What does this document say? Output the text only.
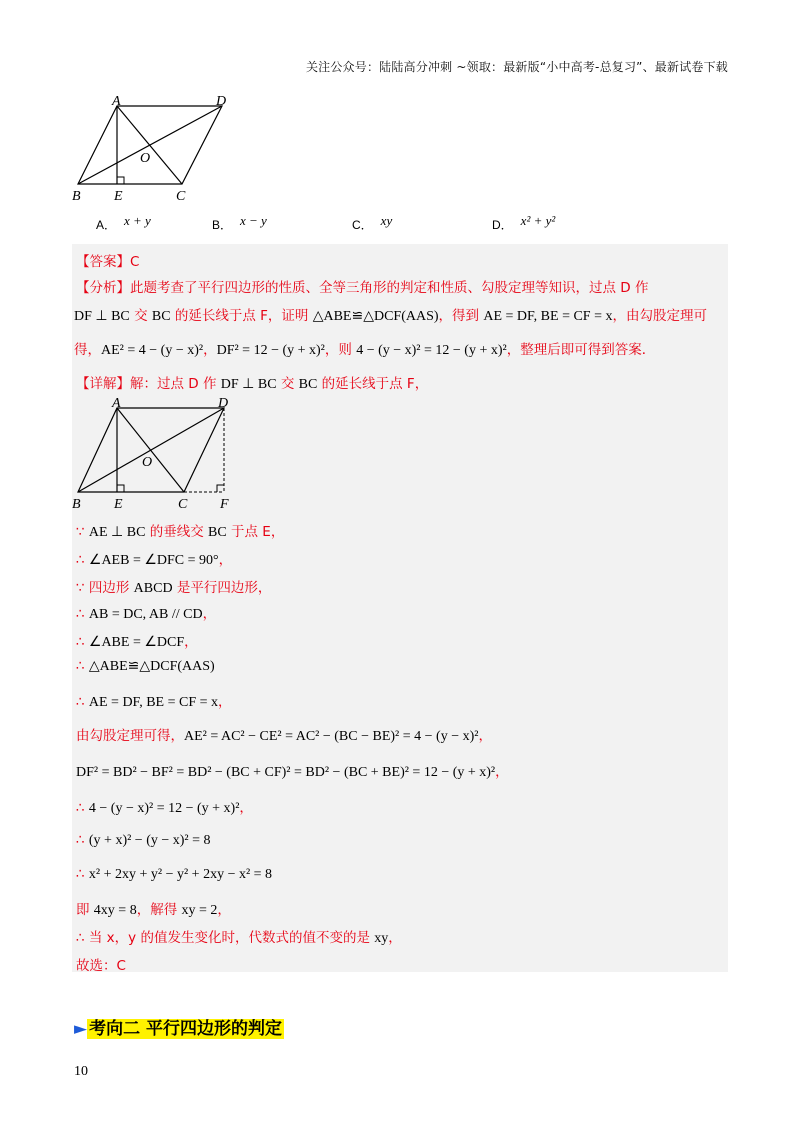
关注公众号：陆陆高分冲刺 ~领取：最新版“小中高考-总复习”、最新试卷下载
A	D
O
B E	C
A． x + y	B． x − y	C． xy	D． x² + y²
【答案】C
【分析】此题考查了平行四边形的性质、全等三角形的判定和性质、勾股定理等知识，过点 D 作
DF ⊥ BC 交 BC 的延长线于点 F，证明 △ABE≌△DCF(AAS)，得到 AE = DF, BE = CF = x，由勾股定理可
得，AE² = 4 − (y − x)²，DF² = 12 − (y + x)²，则 4 − (y − x)² = 12 − (y + x)²，整理后即可得到答案．
【详解】解：过点 D 作 DF ⊥ BC 交 BC 的延长线于点 F，
A	D
O
B E	C F
∵ AE ⊥ BC 的垂线交 BC 于点 E，
∴ ∠AEB = ∠DFC = 90°，
∵ 四边形 ABCD 是平行四边形，
∴ AB = DC, AB // CD，
∴ ∠ABE = ∠DCF，
∴ △ABE≌△DCF(AAS)
∴ AE = DF, BE = CF = x，
由勾股定理可得，AE² = AC² − CE² = AC² − (BC − BE)² = 4 − (y − x)²，
DF² = BD² − BF² = BD² − (BC + CF)² = BD² − (BC + BE)² = 12 − (y + x)²，
∴ 4 − (y − x)² = 12 − (y + x)²，
∴ (y + x)² − (y − x)² = 8
∴ x² + 2xy + y² − y² + 2xy − x² = 8
即 4xy = 8，解得 xy = 2，
∴ 当 x，y 的值发生变化时，代数式的值不变的是 xy，
故选：C
► 考向二 平行四边形的判定
10
